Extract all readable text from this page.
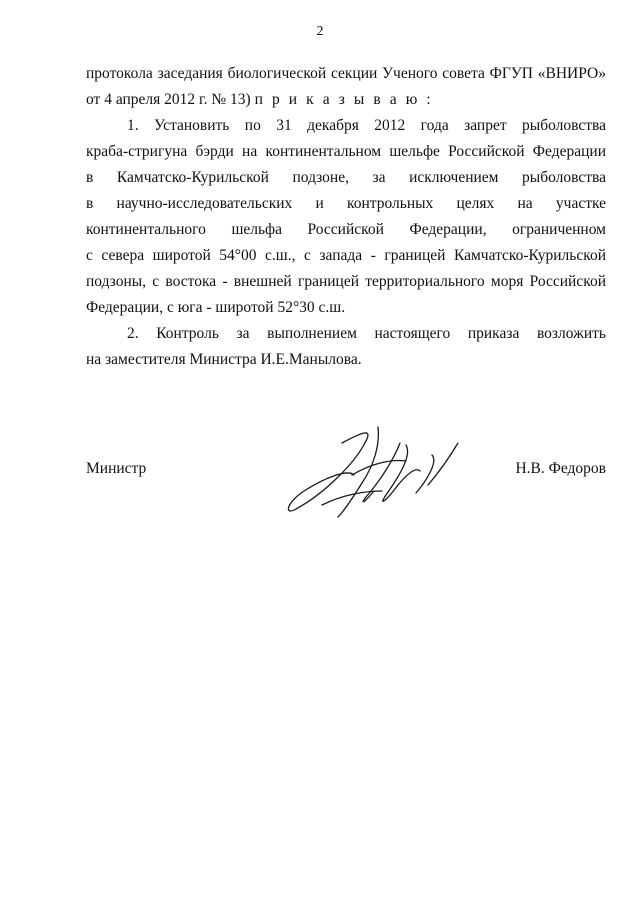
2
протокола заседания биологической секции Ученого совета ФГУП «ВНИРО»
от 4 апреля 2012 г. № 13) п р и к а з ы в а ю :
1. Установить по 31 декабря 2012 года запрет рыболовства
краба-стригуна бэрди на континентальном шельфе Российской Федерации
в Камчатско-Курильской подзоне, за исключением рыболовства
в научно-исследовательских и контрольных целях на участке
континентального шельфа Российской Федерации, ограниченном
с севера широтой 54°00 с.ш., с запада - границей Камчатско-Курильской
подзоны, с востока - внешней границей территориального моря Российской
Федерации, с юга - широтой 52°30 с.ш.
2. Контроль за выполнением настоящего приказа возложить
на заместителя Министра И.Е.Манылова.
Министр	Н.В. Федоров
